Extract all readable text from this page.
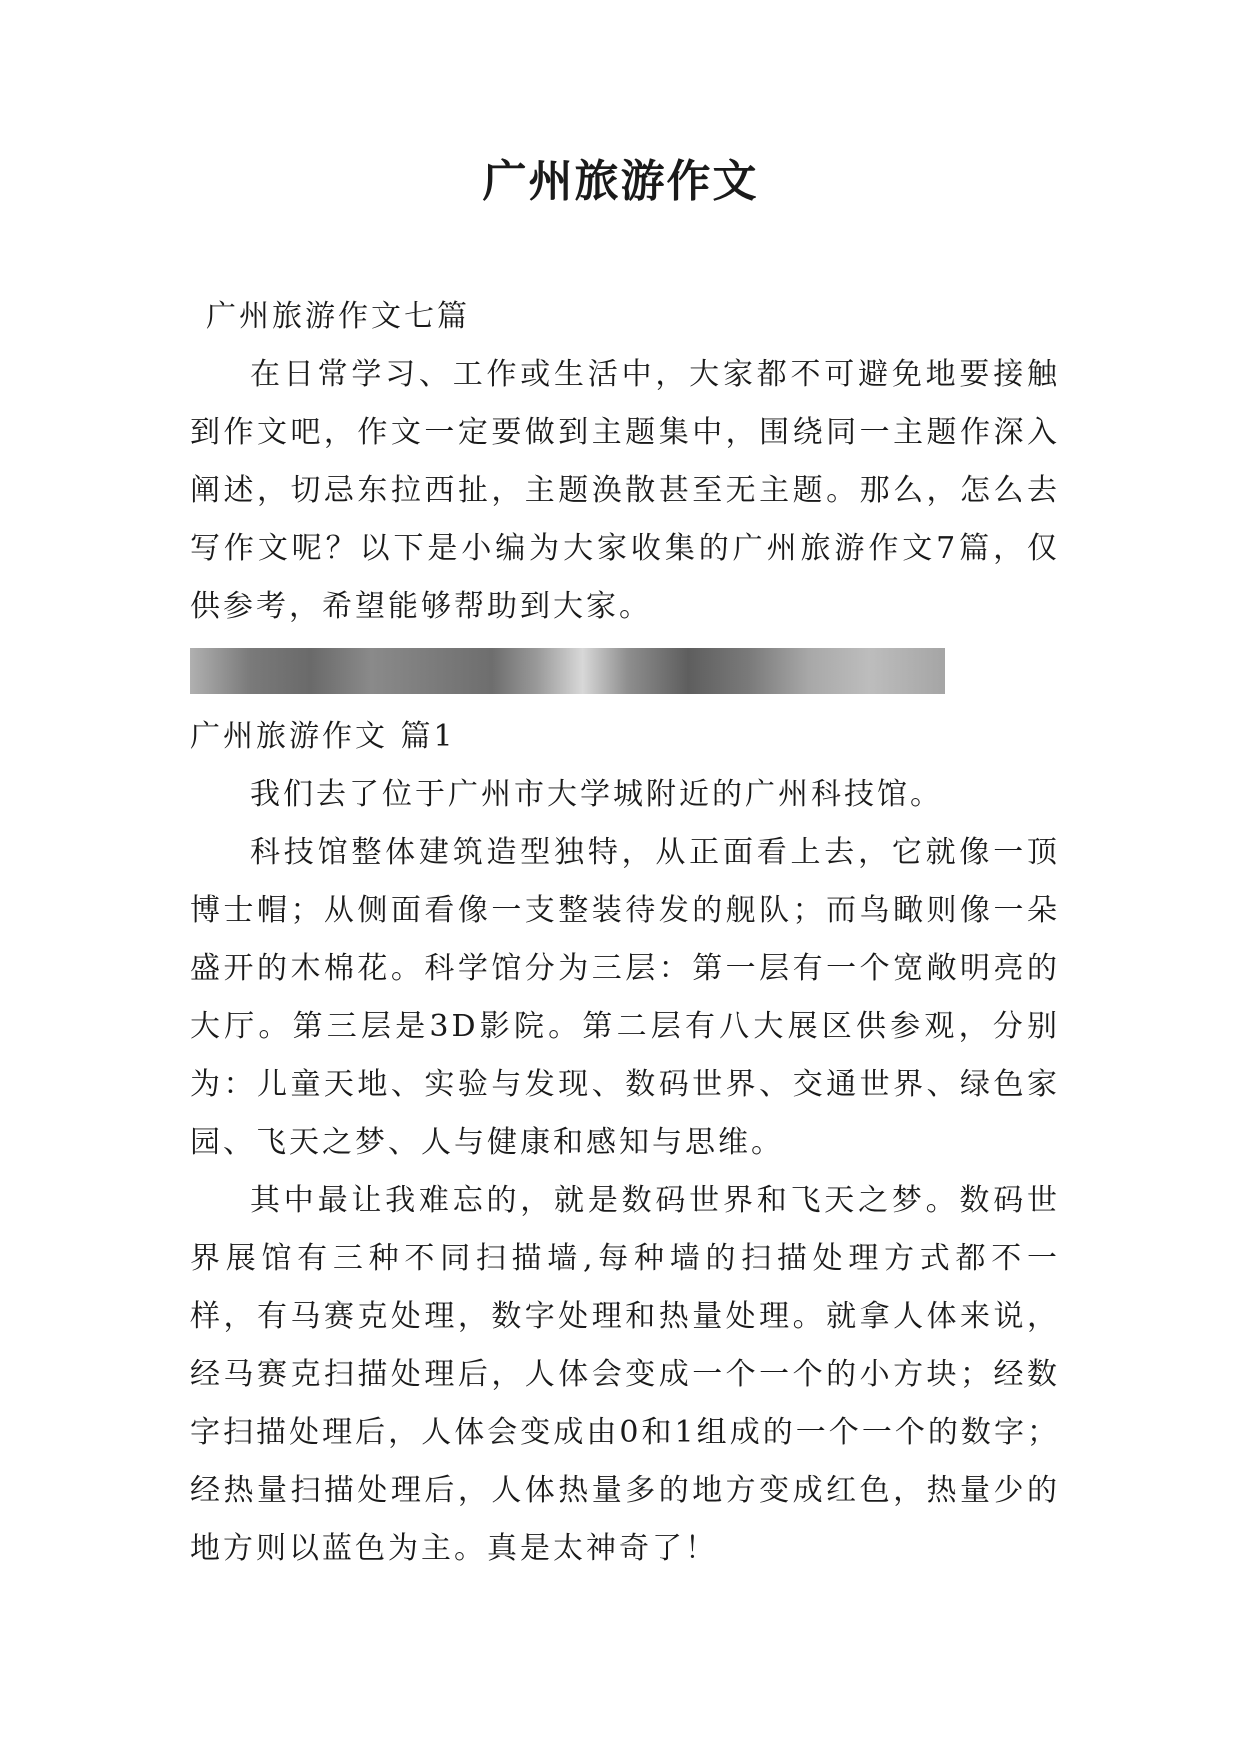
广州旅游作文

广州旅游作文七篇

在日常学习、工作或生活中，大家都不可避免地要接触到作文吧，作文一定要做到主题集中，围绕同一主题作深入阐述，切忌东拉西扯，主题涣散甚至无主题。那么，怎么去写作文呢？以下是小编为大家收集的广州旅游作文7篇，仅供参考，希望能够帮助到大家。

广州旅游作文 篇1

我们去了位于广州市大学城附近的广州科技馆。

科技馆整体建筑造型独特，从正面看上去，它就像一顶博士帽；从侧面看像一支整装待发的舰队；而鸟瞰则像一朵盛开的木棉花。科学馆分为三层：第一层有一个宽敞明亮的大厅。第三层是3D影院。第二层有八大展区供参观，分别为：儿童天地、实验与发现、数码世界、交通世界、绿色家园、飞天之梦、人与健康和感知与思维。

其中最让我难忘的，就是数码世界和飞天之梦。数码世界展馆有三种不同扫描墙,每种墙的扫描处理方式都不一样，有马赛克处理，数字处理和热量处理。就拿人体来说，经马赛克扫描处理后，人体会变成一个一个的小方块；经数字扫描处理后，人体会变成由0和1组成的一个一个的数字；经热量扫描处理后，人体热量多的地方变成红色，热量少的地方则以蓝色为主。真是太神奇了！
